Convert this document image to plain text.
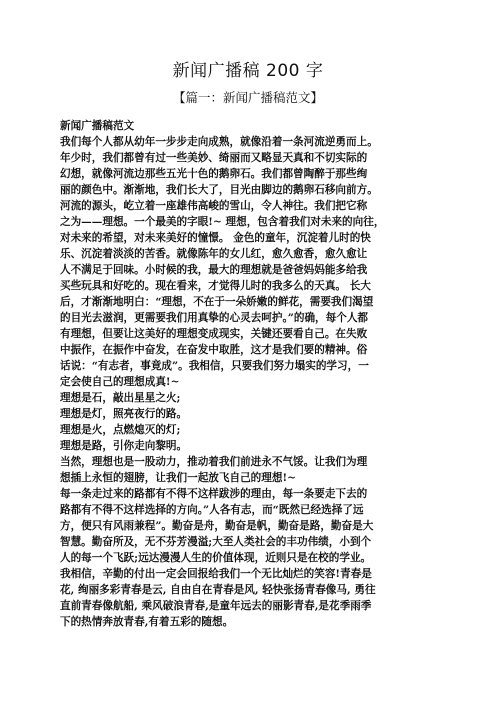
新闻广播稿 200 字
【篇一：新闻广播稿范文】
新闻广播稿范文
我们每个人都从幼年一步步走向成熟，就像沿着一条河流逆勇而上。
年少时，我们都曾有过一些美妙、绮丽而又略显天真和不切实际的
幻想，就像河流边那些五光十色的鹅卵石。我们都曾陶醉于那些绚
丽的颜色中。渐渐地，我们长大了，目光由脚边的鹅卵石移向前方。
河流的源头，屹立着一座雄伟高峻的雪山，令人神往。我们把它称
之为——理想。一个最美的字眼!~ 理想，包含着我们对未来的向往，
对未来的希望，对未来美好的憧憬。 金色的童年，沉淀着儿时的快
乐、沉淀着淡淡的苦香。就像陈年的女儿红，愈久愈香，愈久愈让
人不满足于回味。小时候的我，最大的理想就是爸爸妈妈能多给我
买些玩具和好吃的。现在看来，才觉得儿时的我多么的天真。 长大
后，才渐渐地明白：“理想，不在于一朵娇嫩的鲜花，需要我们渴望
的目光去滋润，更需要我们用真挚的心灵去呵护。”的确，每个人都
有理想，但要让这美好的理想变成现实，关键还要看自己。在失败
中振作，在振作中奋发，在奋发中取胜，这才是我们要的精神。俗
话说：“有志者，事竟成”。我相信，只要我们努力塌实的学习，一
定会使自己的理想成真!~
理想是石，敲出星星之火;
理想是灯，照亮夜行的路。
理想是火，点燃熄灭的灯;
理想是路，引你走向黎明。
当然，理想也是一股动力，推动着我们前进永不气馁。让我们为理
想插上永恒的翅膀，让我们一起放飞自己的理想!~
每一条走过来的路都有不得不这样跋涉的理由，每一条要走下去的
路都有不得不这样选择的方向。”人各有志，而“既然已经选择了远
方，便只有风雨兼程”。勤奋是舟，勤奋是帆，勤奋是路，勤奋是大
智慧。勤奋所及，无不芬芳漫溢;大至人类社会的丰功伟绩，小到个
人的每一个飞跃;远达漫漫人生的价值体现，近则只是在校的学业。
我相信，辛勤的付出一定会回报给我们一个无比灿烂的笑容!青春是
花, 绚丽多彩青春是云, 自由自在青春是风, 轻快张扬青春像马, 勇往
直前青春像航船, 乘风破浪青春,是童年远去的丽影青春,是花季雨季
下的热情奔放青春,有着五彩的随想。
